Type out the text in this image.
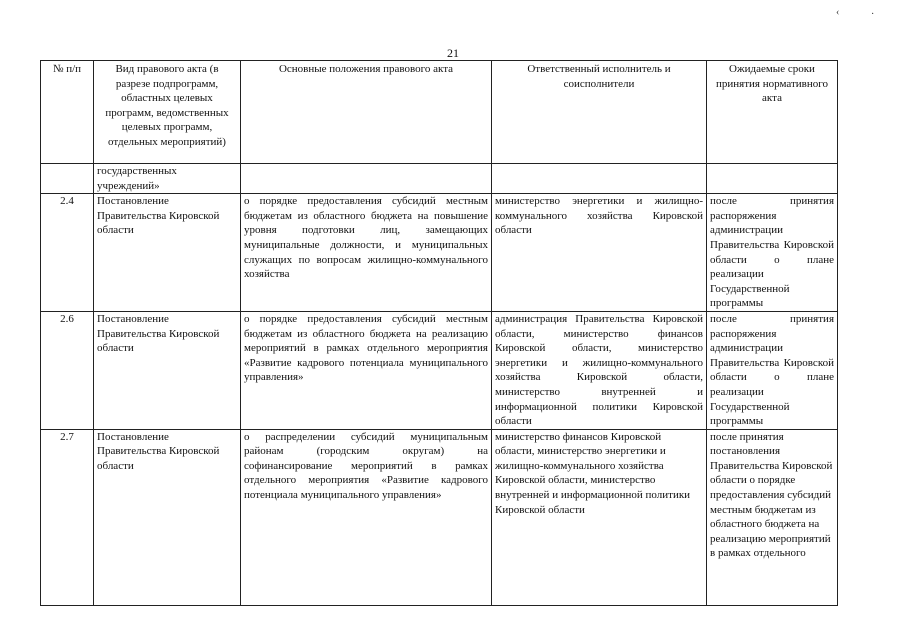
‹	·
21
№ п/п	Вид правового акта (в разрезе подпрограмм, областных целевых программ, ведомственных целевых программ, отдельных мероприятий)	Основные положения правового акта	Ответственный исполнитель и соисполнители	Ожидаемые сроки принятия нормативного акта
	государственных учреждений»			
2.4	Постановление Правительства Кировской области	о порядке предоставления субсидий местным бюджетам из областного бюджета на повышение уровня подготовки лиц, замещающих муниципальные должности, и муниципальных служащих по вопросам жилищно-коммунального хозяйства	министерство энергетики и жилищно-коммунального хозяйства Кировской области	после принятия распоряжения администрации Правительства Кировской области о плане реализации Государственной программы
2.6	Постановление Правительства Кировской области	о порядке предоставления субсидий местным бюджетам из областного бюджета на реализацию мероприятий в рамках отдельного мероприятия «Развитие кадрового потенциала муниципального управления»	администрация Правительства Кировской области, министерство финансов Кировской области, министерство энергетики и жилищно-коммунального хозяйства Кировской области, министерство внутренней и информационной политики Кировской области	после принятия распоряжения администрации Правительства Кировской области о плане реализации Государственной программы
2.7	Постановление Правительства Кировской области	о распределении субсидий муниципальным районам (городским округам) на софинансирование мероприятий в рамках отдельного мероприятия «Развитие кадрового потенциала муниципального управления»	министерство финансов Кировской области, министерство энергетики и жилищно-коммунального хозяйства Кировской области, министерство внутренней и информационной политики Кировской области	после принятия постановления Правительства Кировской области о порядке предоставления субсидий местным бюджетам из областного бюджета на реализацию мероприятий в рамках отдельного
